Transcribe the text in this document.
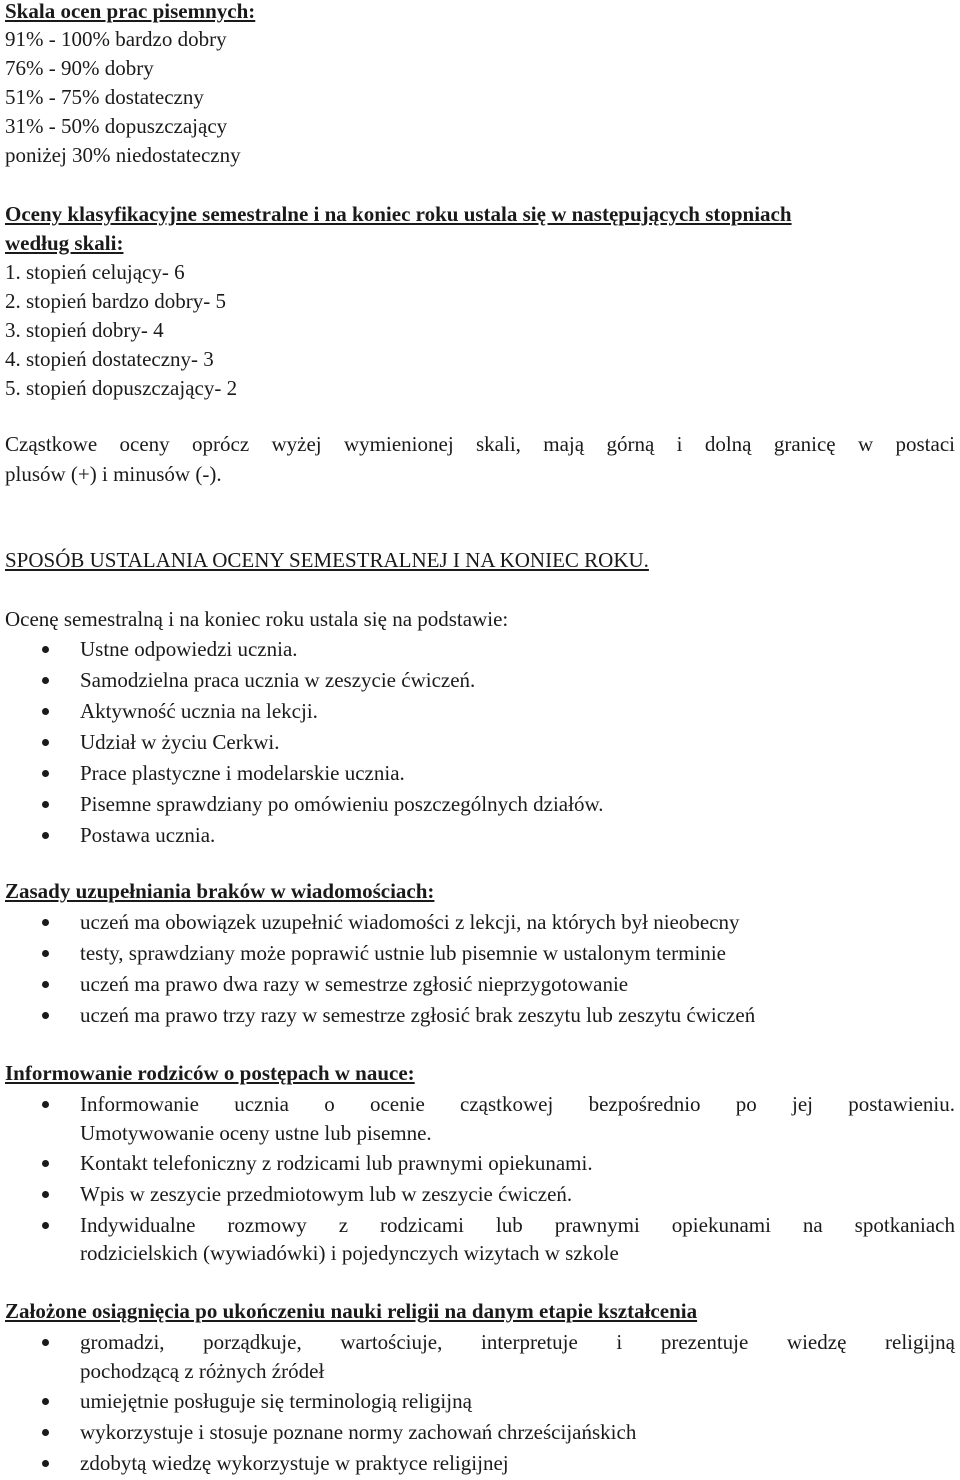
Skala ocen prac pisemnych:
91% - 100% bardzo dobry
76% - 90% dobry
51% - 75% dostateczny
31% - 50% dopuszczający
poniżej 30% niedostateczny
Oceny klasyfikacyjne semestralne i na koniec roku ustala się w następujących stopniach
według skali:
1. stopień celujący- 6
2. stopień bardzo dobry- 5
3. stopień dobry- 4
4. stopień dostateczny- 3
5. stopień dopuszczający- 2
Cząstkowe oceny oprócz wyżej wymienionej skali, mają górną i dolną granicę w postaci
plusów (+) i minusów (-).
SPOSÓB USTALANIA OCENY SEMESTRALNEJ I NA KONIEC ROKU.
Ocenę semestralną i na koniec roku ustala się na podstawie:
Ustne odpowiedzi ucznia.
Samodzielna praca ucznia w zeszycie ćwiczeń.
Aktywność ucznia na lekcji.
Udział w życiu Cerkwi.
Prace plastyczne i modelarskie ucznia.
Pisemne sprawdziany po omówieniu poszczególnych działów.
Postawa ucznia.
Zasady uzupełniania braków w wiadomościach:
uczeń ma obowiązek uzupełnić wiadomości z lekcji, na których był nieobecny
testy, sprawdziany może poprawić ustnie lub pisemnie w ustalonym terminie
uczeń ma prawo dwa razy w semestrze zgłosić nieprzygotowanie
uczeń ma prawo trzy razy w semestrze zgłosić brak zeszytu lub zeszytu ćwiczeń
Informowanie rodziców o postępach w nauce:
Informowanie ucznia o ocenie cząstkowej bezpośrednio po jej postawieniu.
Umotywowanie oceny ustne lub pisemne.
Kontakt telefoniczny z rodzicami lub prawnymi opiekunami.
Wpis w zeszycie przedmiotowym lub w zeszycie ćwiczeń.
Indywidualne rozmowy z rodzicami lub prawnymi opiekunami na spotkaniach
rodzicielskich (wywiadówki) i pojedynczych wizytach w szkole
Założone osiągnięcia po ukończeniu nauki religii na danym etapie kształcenia
gromadzi, porządkuje, wartościuje, interpretuje i prezentuje wiedzę religijną
pochodzącą z różnych źródeł
umiejętnie posługuje się terminologią religijną
wykorzystuje i stosuje poznane normy zachowań chrześcijańskich
zdobytą wiedzę wykorzystuje w praktyce religijnej
